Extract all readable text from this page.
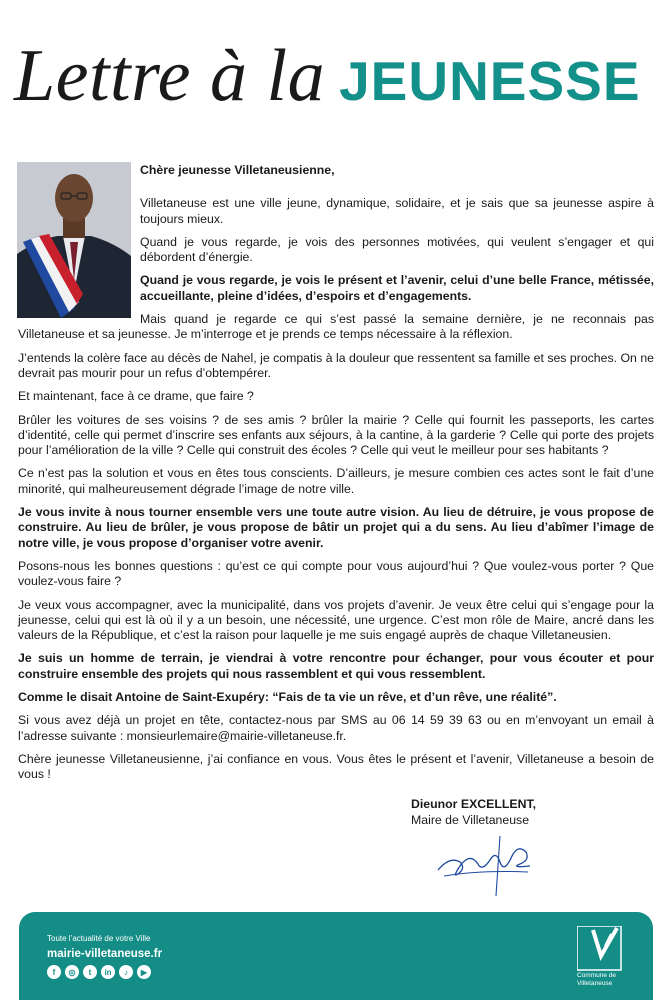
Lettre à la JEUNESSE

Chère jeunesse Villetaneusienne,

Villetaneuse est une ville jeune, dynamique, solidaire, et je sais que sa jeunesse aspire à toujours mieux.

Quand je vous regarde, je vois des personnes motivées, qui veulent s’engager et qui débordent d’énergie.

Quand je vous regarde, je vois le présent et l’avenir, celui d’une belle France, métissée, accueillante, pleine d’idées, d’espoirs et d’engagements.

Mais quand je regarde ce qui s’est passé la semaine dernière, je ne reconnais pas Villetaneuse et sa jeunesse. Je m’interroge et je prends ce temps nécessaire à la réflexion.

J’entends la colère face au décès de Nahel, je compatis à la douleur que ressentent sa famille et ses proches. On ne devrait pas mourir pour un refus d’obtempérer.

Et maintenant, face à ce drame, que faire ?

Brûler les voitures de ses voisins ? de ses amis ? brûler la mairie ? Celle qui fournit les passeports, les cartes d’identité, celle qui permet d’inscrire ses enfants aux séjours, à la cantine, à la garderie ? Celle qui porte des projets pour l’amélioration de la ville ? Celle qui construit des écoles ? Celle qui veut le meilleur pour ses habitants ?

Ce n’est pas la solution et vous en êtes tous conscients. D’ailleurs, je mesure combien ces actes sont le fait d’une minorité, qui malheureusement dégrade l’image de notre ville.

Je vous invite à nous tourner ensemble vers une toute autre vision. Au lieu de détruire, je vous propose de construire. Au lieu de brûler, je vous propose de bâtir un projet qui a du sens. Au lieu d’abîmer l’image de notre ville, je vous propose d’organiser votre avenir.

Posons-nous les bonnes questions : qu’est ce qui compte pour vous aujourd’hui ? Que voulez-vous porter ? Que voulez-vous faire ?

Je veux vous accompagner, avec la municipalité, dans vos projets d’avenir. Je veux être celui qui s’engage pour la jeunesse, celui qui est là où il y a un besoin, une nécessité, une urgence. C’est mon rôle de Maire, ancré dans les valeurs de la République, et c’est la raison pour laquelle je me suis engagé auprès de chaque Villetaneusien.

Je suis un homme de terrain, je viendrai à votre rencontre pour échanger, pour vous écouter et pour construire ensemble des projets qui nous rassemblent et qui vous ressemblent.

Comme le disait Antoine de Saint-Exupéry: “Fais de ta vie un rêve, et d’un rêve, une réalité”.

Si vous avez déjà un projet en tête, contactez-nous par SMS au 06 14 59 39 63 ou en m’envoyant un email à l’adresse suivante : monsieurlemaire@mairie-villetaneuse.fr.

Chère jeunesse Villetaneusienne, j’ai confiance en vous. Vous êtes le présent et l’avenir, Villetaneuse a besoin de vous !

Dieunor EXCELLENT,
Maire de Villetaneuse
Toute l’actualité de votre Ville
mairie-villetaneuse.fr
f	◎	t	in	♪	▶	Commune de
Villetaneuse
